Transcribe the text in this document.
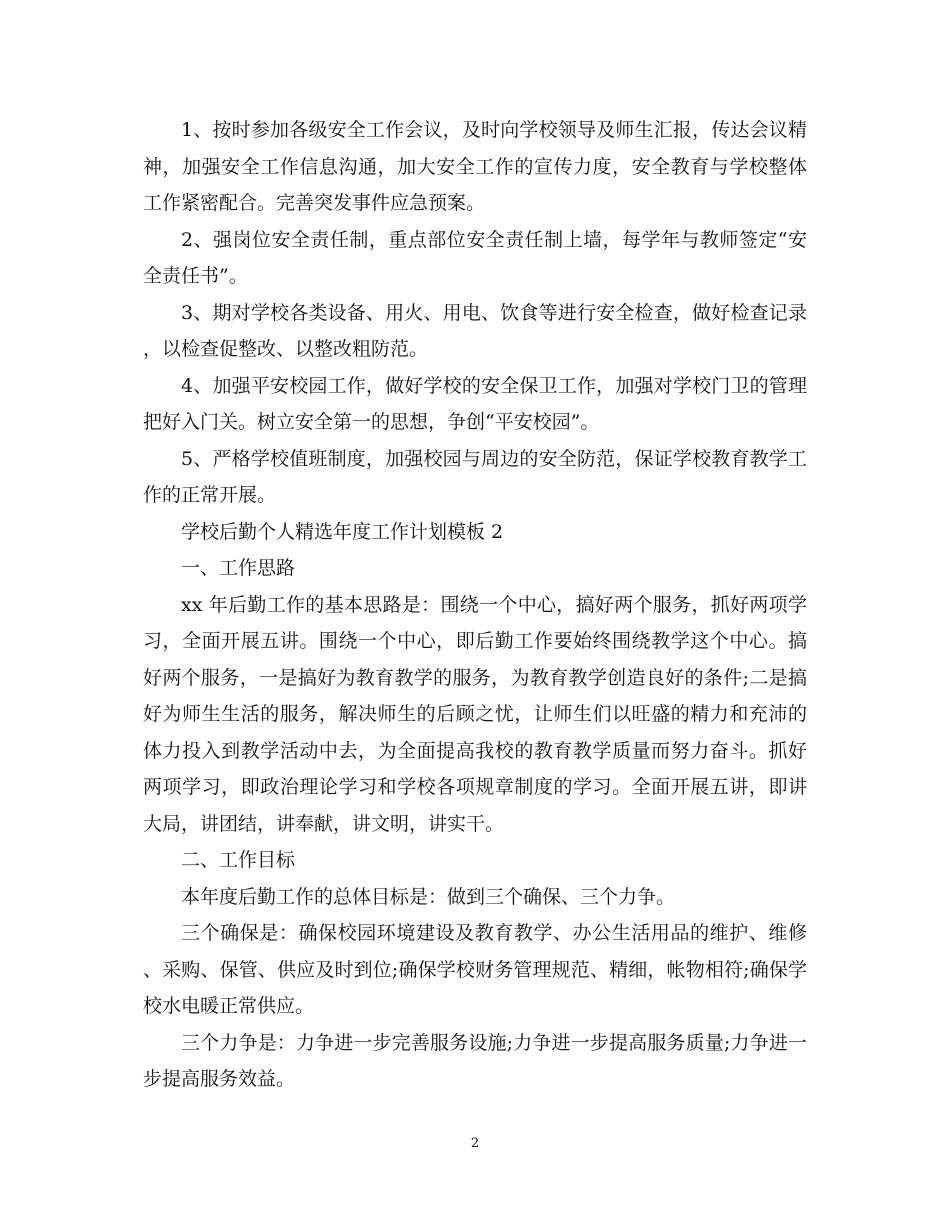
1、按时参加各级安全工作会议，及时向学校领导及师生汇报，传达会议精神，加强安全工作信息沟通，加大安全工作的宣传力度，安全教育与学校整体工作紧密配合。完善突发事件应急预案。

2、强岗位安全责任制，重点部位安全责任制上墙，每学年与教师签定“安全责任书”。

3、期对学校各类设备、用火、用电、饮食等进行安全检查，做好检查记录，以检查促整改、以整改粗防范。

4、加强平安校园工作，做好学校的安全保卫工作，加强对学校门卫的管理把好入门关。树立安全第一的思想，争创“平安校园”。

5、严格学校值班制度，加强校园与周边的安全防范，保证学校教育教学工作的正常开展。

学校后勤个人精选年度工作计划模板 2

一、工作思路

xx 年后勤工作的基本思路是：围绕一个中心，搞好两个服务，抓好两项学习，全面开展五讲。围绕一个中心，即后勤工作要始终围绕教学这个中心。搞好两个服务，一是搞好为教育教学的服务，为教育教学创造良好的条件;二是搞好为师生生活的服务，解决师生的后顾之忧，让师生们以旺盛的精力和充沛的体力投入到教学活动中去，为全面提高我校的教育教学质量而努力奋斗。抓好两项学习，即政治理论学习和学校各项规章制度的学习。全面开展五讲，即讲大局，讲团结，讲奉献，讲文明，讲实干。

二、工作目标

本年度后勤工作的总体目标是：做到三个确保、三个力争。

三个确保是：确保校园环境建设及教育教学、办公生活用品的维护、维修、采购、保管、供应及时到位;确保学校财务管理规范、精细，帐物相符;确保学校水电暖正常供应。

三个力争是：力争进一步完善服务设施;力争进一步提高服务质量;力争进一步提高服务效益。

2
